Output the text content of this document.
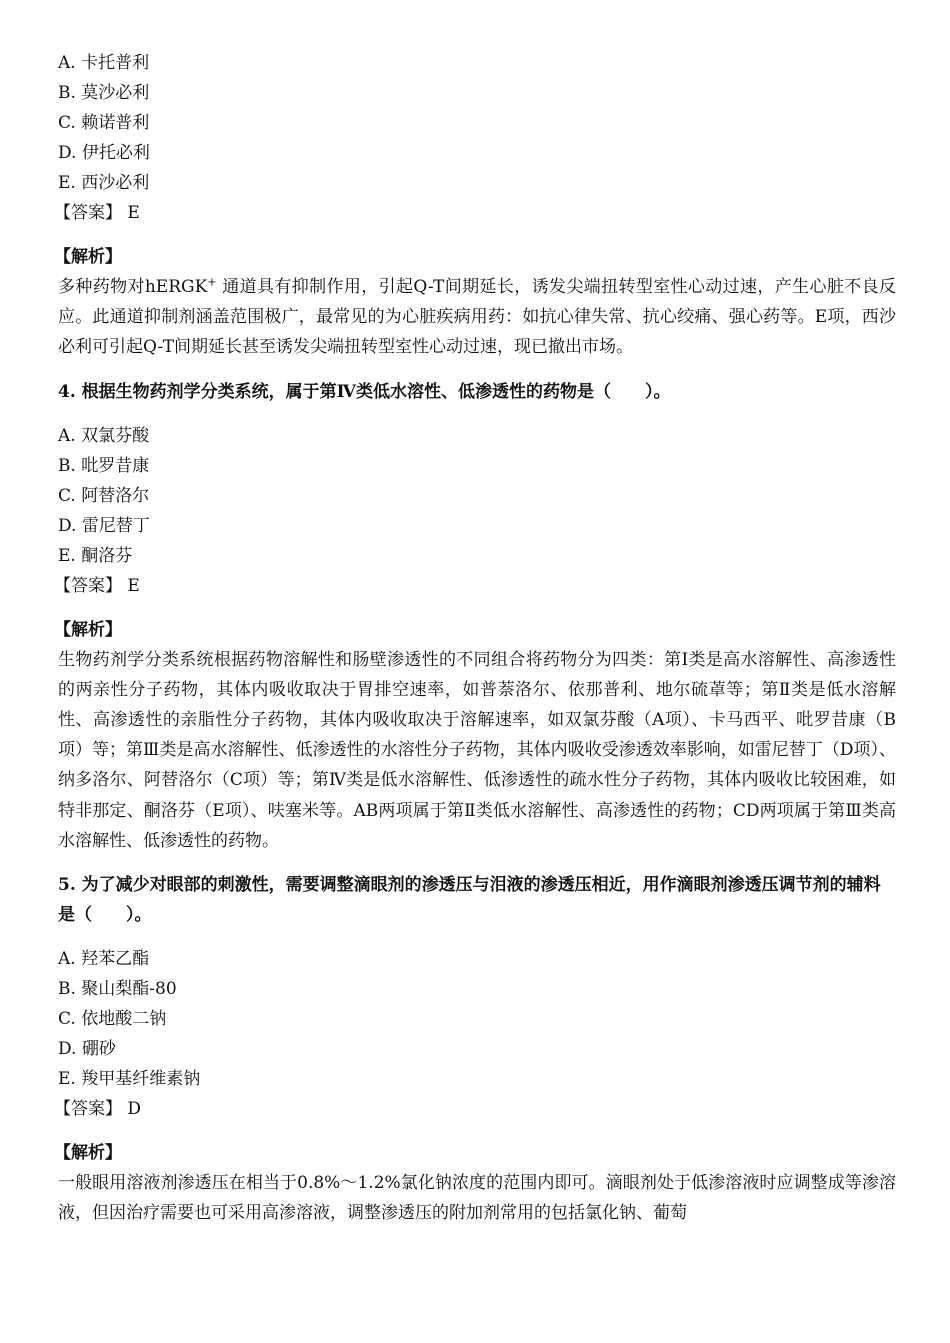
A. 卡托普利
B. 莫沙必利
C. 赖诺普利
D. 伊托必利
E. 西沙必利
【答案】 E
【解析】
多种药物对hERGK+ 通道具有抑制作用，引起Q-T间期延长，诱发尖端扭转型室性心动过速，产生心脏不良反应。此通道抑制剂涵盖范围极广，最常见的为心脏疾病用药：如抗心律失常、抗心绞痛、强心药等。E项，西沙必利可引起Q-T间期延长甚至诱发尖端扭转型室性心动过速，现已撤出市场。
4. 根据生物药剂学分类系统，属于第Ⅳ类低水溶性、低渗透性的药物是（　　）。
A. 双氯芬酸
B. 吡罗昔康
C. 阿替洛尔
D. 雷尼替丁
E. 酮洛芬
【答案】 E
【解析】
生物药剂学分类系统根据药物溶解性和肠壁渗透性的不同组合将药物分为四类：第Ⅰ类是高水溶解性、高渗透性的两亲性分子药物，其体内吸收取决于胃排空速率，如普萘洛尔、依那普利、地尔硫䓬等；第Ⅱ类是低水溶解性、高渗透性的亲脂性分子药物，其体内吸收取决于溶解速率，如双氯芬酸（A项）、卡马西平、吡罗昔康（B项）等；第Ⅲ类是高水溶解性、低渗透性的水溶性分子药物，其体内吸收受渗透效率影响，如雷尼替丁（D项）、纳多洛尔、阿替洛尔（C项）等；第Ⅳ类是低水溶解性、低渗透性的疏水性分子药物，其体内吸收比较困难，如特非那定、酮洛芬（E项）、呋塞米等。AB两项属于第Ⅱ类低水溶解性、高渗透性的药物；CD两项属于第Ⅲ类高水溶解性、低渗透性的药物。
5. 为了减少对眼部的刺激性，需要调整滴眼剂的渗透压与泪液的渗透压相近，用作滴眼剂渗透压调节剂的辅料是（　　）。
A. 羟苯乙酯
B. 聚山梨酯-80
C. 依地酸二钠
D. 硼砂
E. 羧甲基纤维素钠
【答案】 D
【解析】
一般眼用溶液剂渗透压在相当于0.8%～1.2%氯化钠浓度的范围内即可。滴眼剂处于低渗溶液时应调整成等渗溶液，但因治疗需要也可采用高渗溶液，调整渗透压的附加剂常用的包括氯化钠、葡萄
